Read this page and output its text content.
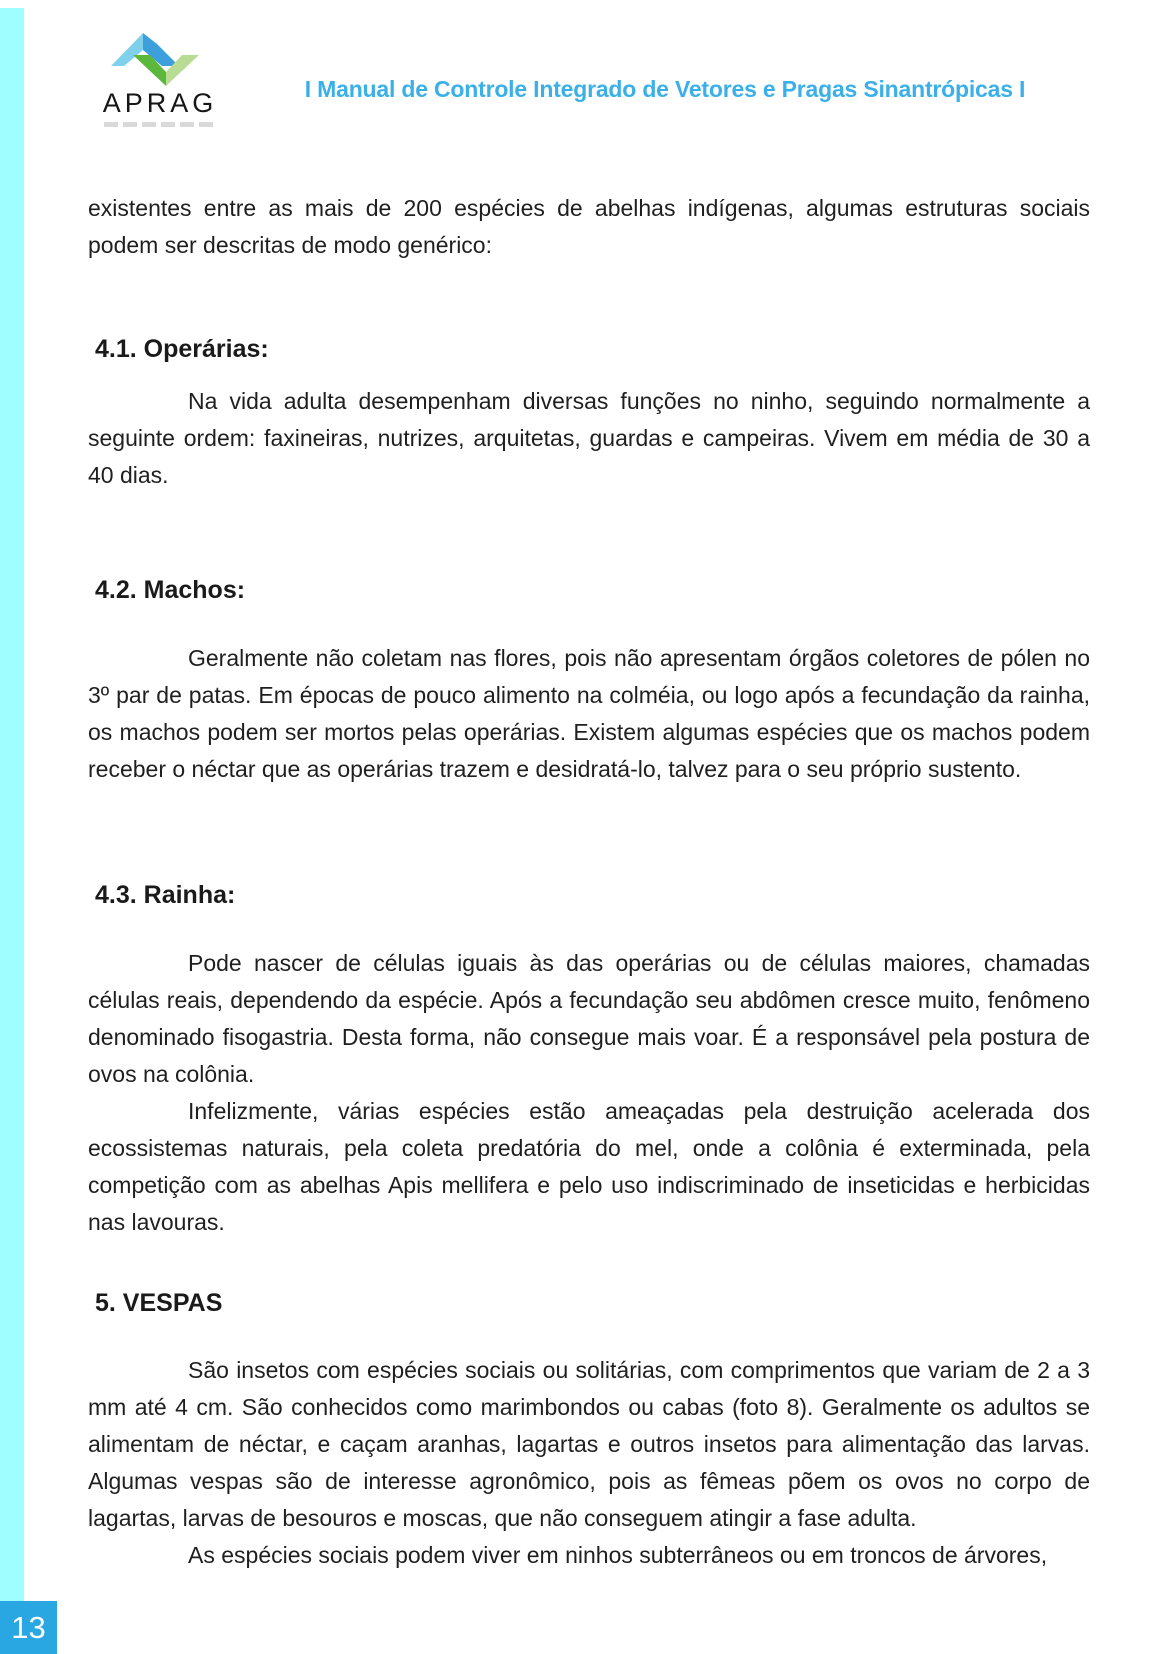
APRAG	I Manual de Controle Integrado de Vetores e Pragas Sinantrópicas I

existentes entre as mais de 200 espécies de abelhas indígenas, algumas estruturas sociais podem ser descritas de modo genérico:

4.1. Operárias:

Na vida adulta desempenham diversas funções no ninho, seguindo normalmente a seguinte ordem: faxineiras, nutrizes, arquitetas, guardas e campeiras. Vivem em média de 30 a 40 dias.

4.2. Machos:

Geralmente não coletam nas flores, pois não apresentam órgãos coletores de pólen no 3º par de patas. Em épocas de pouco alimento na colméia, ou logo após a fecundação da rainha, os machos podem ser mortos pelas operárias. Existem algumas espécies que os machos podem receber o néctar que as operárias trazem e desidratá-lo, talvez para o seu próprio sustento.

4.3. Rainha:

Pode nascer de células iguais às das operárias ou de células maiores, chamadas células reais, dependendo da espécie. Após a fecundação seu abdômen cresce muito, fenômeno denominado fisogastria. Desta forma, não consegue mais voar. É a responsável pela postura de ovos na colônia.

Infelizmente, várias espécies estão ameaçadas pela destruição acelerada dos ecossistemas naturais, pela coleta predatória do mel, onde a colônia é exterminada, pela competição com as abelhas Apis mellifera e pelo uso indiscriminado de inseticidas e herbicidas nas lavouras.

5. VESPAS

São insetos com espécies sociais ou solitárias, com comprimentos que variam de 2 a 3 mm até 4 cm. São conhecidos como marimbondos ou cabas (foto 8). Geralmente os adultos se alimentam de néctar, e caçam aranhas, lagartas e outros insetos para alimentação das larvas. Algumas vespas são de interesse agronômico, pois as fêmeas põem os ovos no corpo de lagartas, larvas de besouros e moscas, que não conseguem atingir a fase adulta.

As espécies sociais podem viver em ninhos subterrâneos ou em troncos de árvores,

13
